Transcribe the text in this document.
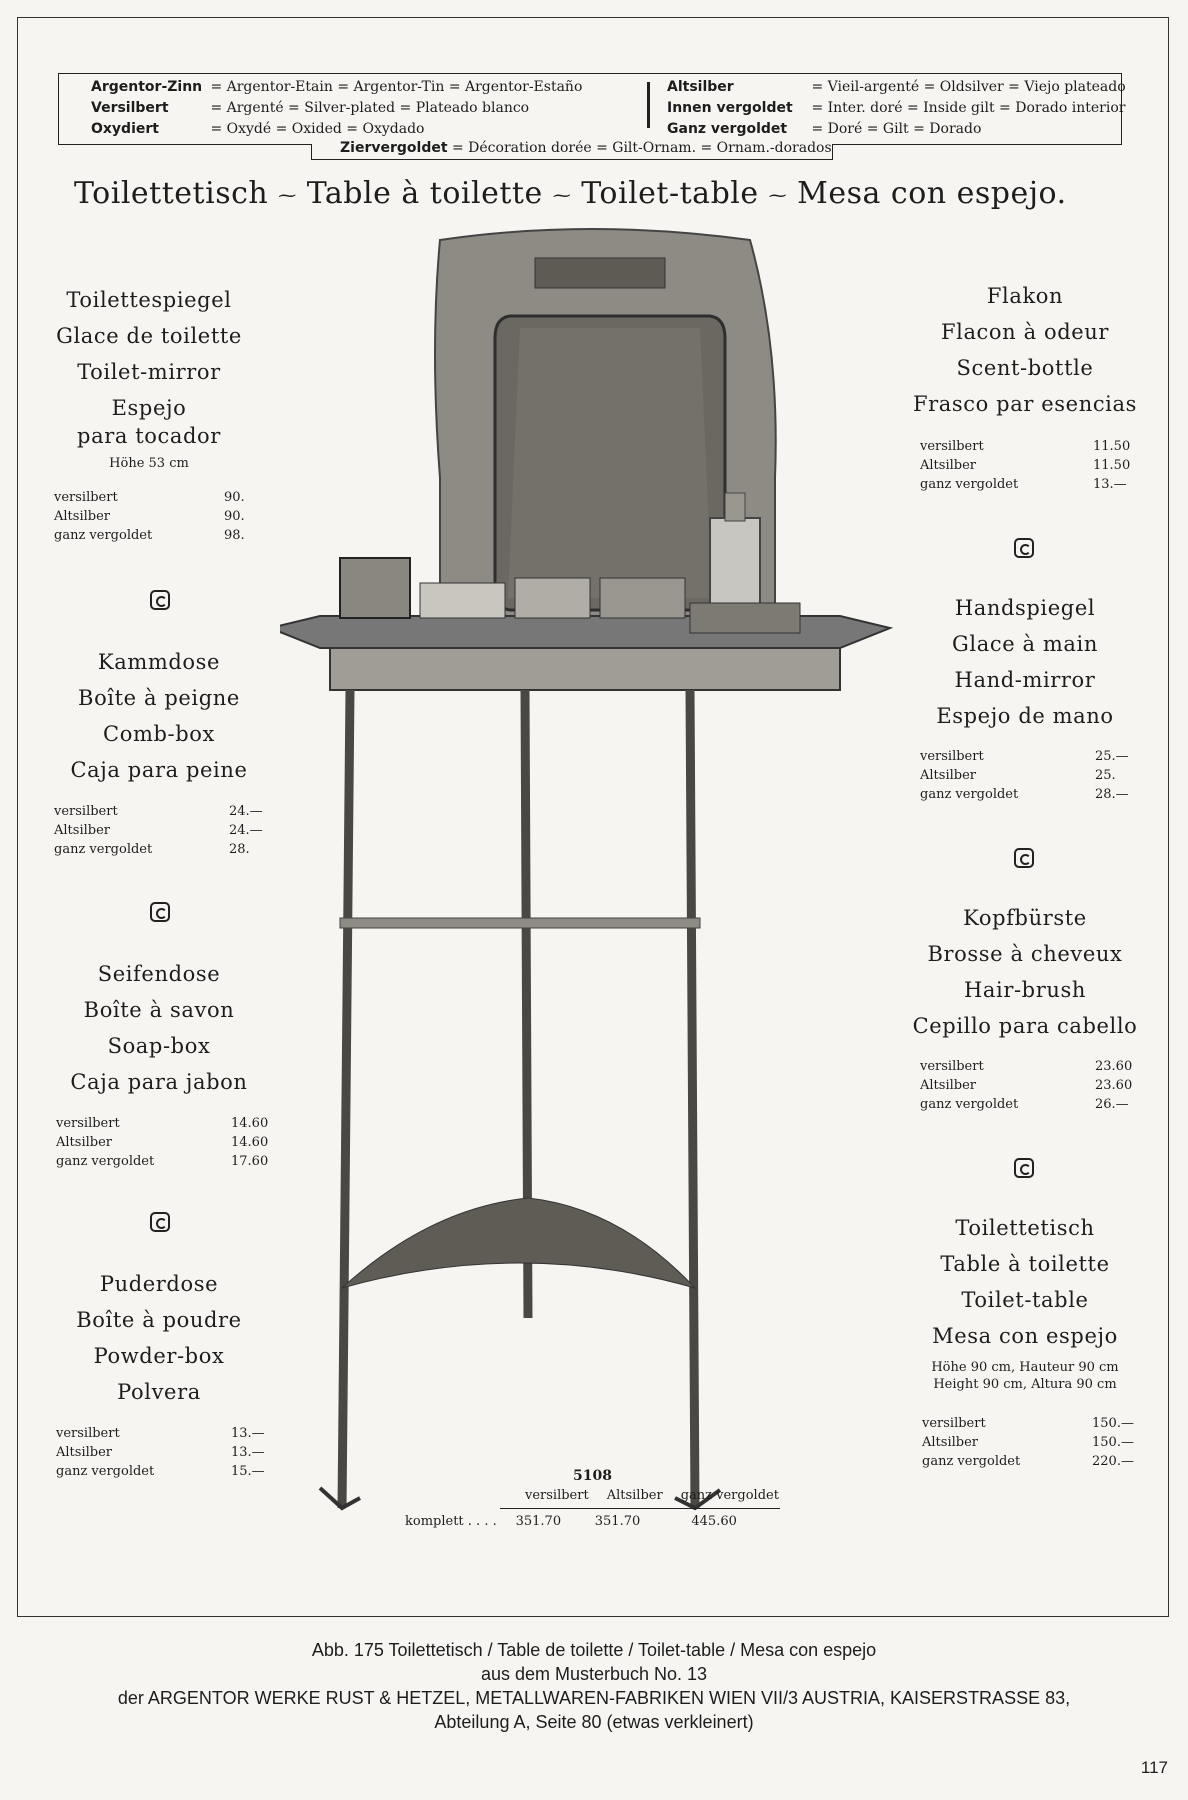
Argentor-Zinn = Argentor-Etain = Argentor-Tin = Argentor-Estaño
Versilbert	= Argenté = Silver-plated = Plateado blanco
Oxydiert	= Oxydé = Oxided = Oxydado
Altsilber	= Vieil-argenté = Oldsilver = Viejo plateado
Innen vergoldet = Inter. doré = Inside gilt = Dorado interior
Ganz vergoldet = Doré = Gilt = Dorado
Ziervergoldet = Décoration dorée = Gilt-Ornam. = Ornam.-dorados
Toilettetisch ⁓ Table à toilette ⁓ Toilet-table ⁓ Mesa con espejo.
Toilettespiegel
Glace de toilette
Toilet-mirror
Espejo
para tocador
Höhe 53 cm
versilbert	90.
Altsilber	90.
ganz vergoldet	98.
Kammdose
Boîte à peigne
Comb-box
Caja para peine
versilbert	24.—
Altsilber	24.—
ganz vergoldet	28.
Seifendose
Boîte à savon
Soap-box
Caja para jabon
versilbert	14.60
Altsilber	14.60
ganz vergoldet	17.60
Puderdose
Boîte à poudre
Powder-box
Polvera
versilbert	13.—
Altsilber	13.—
ganz vergoldet	15.—
Flakon
Flacon à odeur
Scent-bottle
Frasco par esencias
versilbert	11.50
Altsilber	11.50
ganz vergoldet	13.—
Handspiegel
Glace à main
Hand-mirror
Espejo de mano
versilbert	25.—
Altsilber	25.
ganz vergoldet	28.—
Kopfbürste
Brosse à cheveux
Hair-brush
Cepillo para cabello
versilbert	23.60
Altsilber	23.60
ganz vergoldet	26.—
Toilettetisch
Table à toilette
Toilet-table
Mesa con espejo
Höhe 90 cm, Hauteur 90 cm
Height 90 cm, Altura 90 cm
versilbert	150.—
Altsilber	150.—
ganz vergoldet	220.—
5108
versilbert Altsilber ganz vergoldet
komplett . . . . 351.70	351.70	445.60
Abb. 175 Toilettetisch / Table de toilette / Toilet-table / Mesa con espejo
aus dem Musterbuch No. 13
der ARGENTOR WERKE RUST & HETZEL, METALLWAREN-FABRIKEN WIEN VII/3 AUSTRIA, KAISERSTRASSE 83,
Abteilung A, Seite 80 (etwas verkleinert)
117
